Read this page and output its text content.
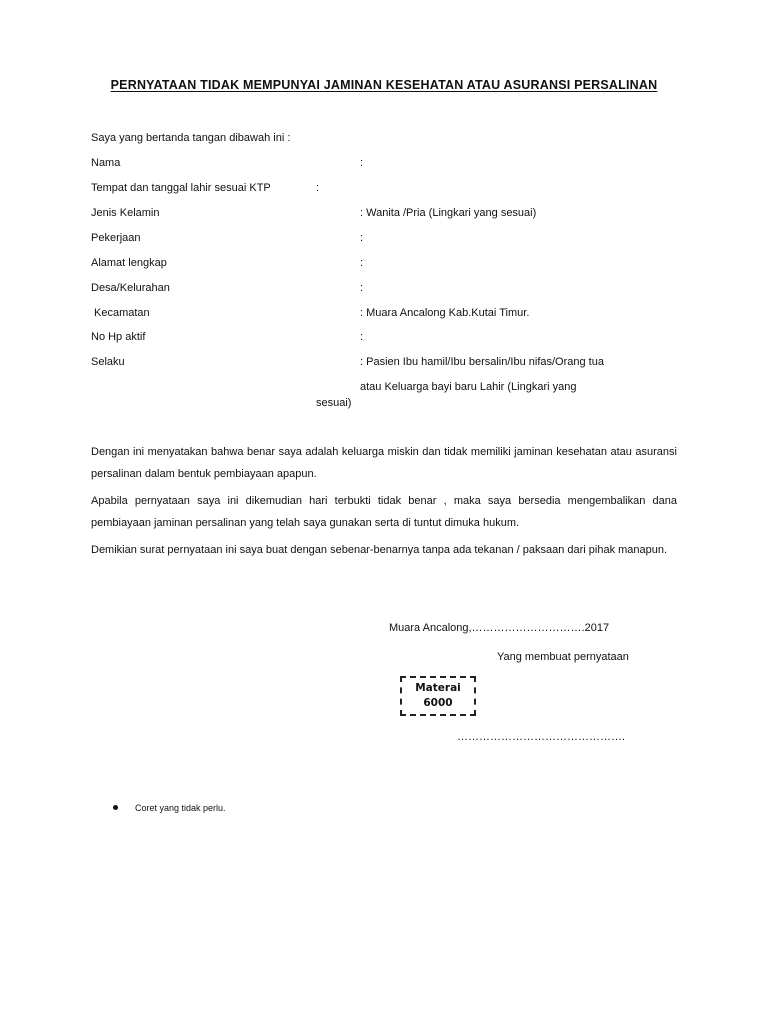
PERNYATAAN TIDAK MEMPUNYAI JAMINAN KESEHATAN ATAU ASURANSI PERSALINAN
Saya yang bertanda tangan dibawah ini :
Nama	:
Tempat dan tanggal lahir sesuai KTP	:
Jenis Kelamin	: Wanita /Pria (Lingkari yang sesuai)
Pekerjaan	:
Alamat lengkap	:
Desa/Kelurahan	:
Kecamatan	: Muara Ancalong Kab.Kutai Timur.
No Hp aktif	:
Selaku	: Pasien Ibu hamil/Ibu bersalin/Ibu nifas/Orang tua
atau Keluarga bayi baru Lahir (Lingkari yang
sesuai)

Dengan ini menyatakan bahwa benar saya adalah keluarga miskin dan tidak memiliki jaminan kesehatan atau asuransi persalinan dalam bentuk pembiayaan apapun.

Apabila pernyataan saya ini dikemudian hari terbukti tidak benar , maka saya bersedia mengembalikan dana pembiayaan jaminan persalinan yang telah saya gunakan serta di tuntut dimuka hukum.

Demikian surat pernyataan ini saya buat dengan sebenar-benarnya tanpa ada tekanan / paksaan dari pihak manapun.

Muara Ancalong,………………………….2017
Yang membuat pernyataan
Materai
6000
……………………………………….
Coret yang tidak perlu.
